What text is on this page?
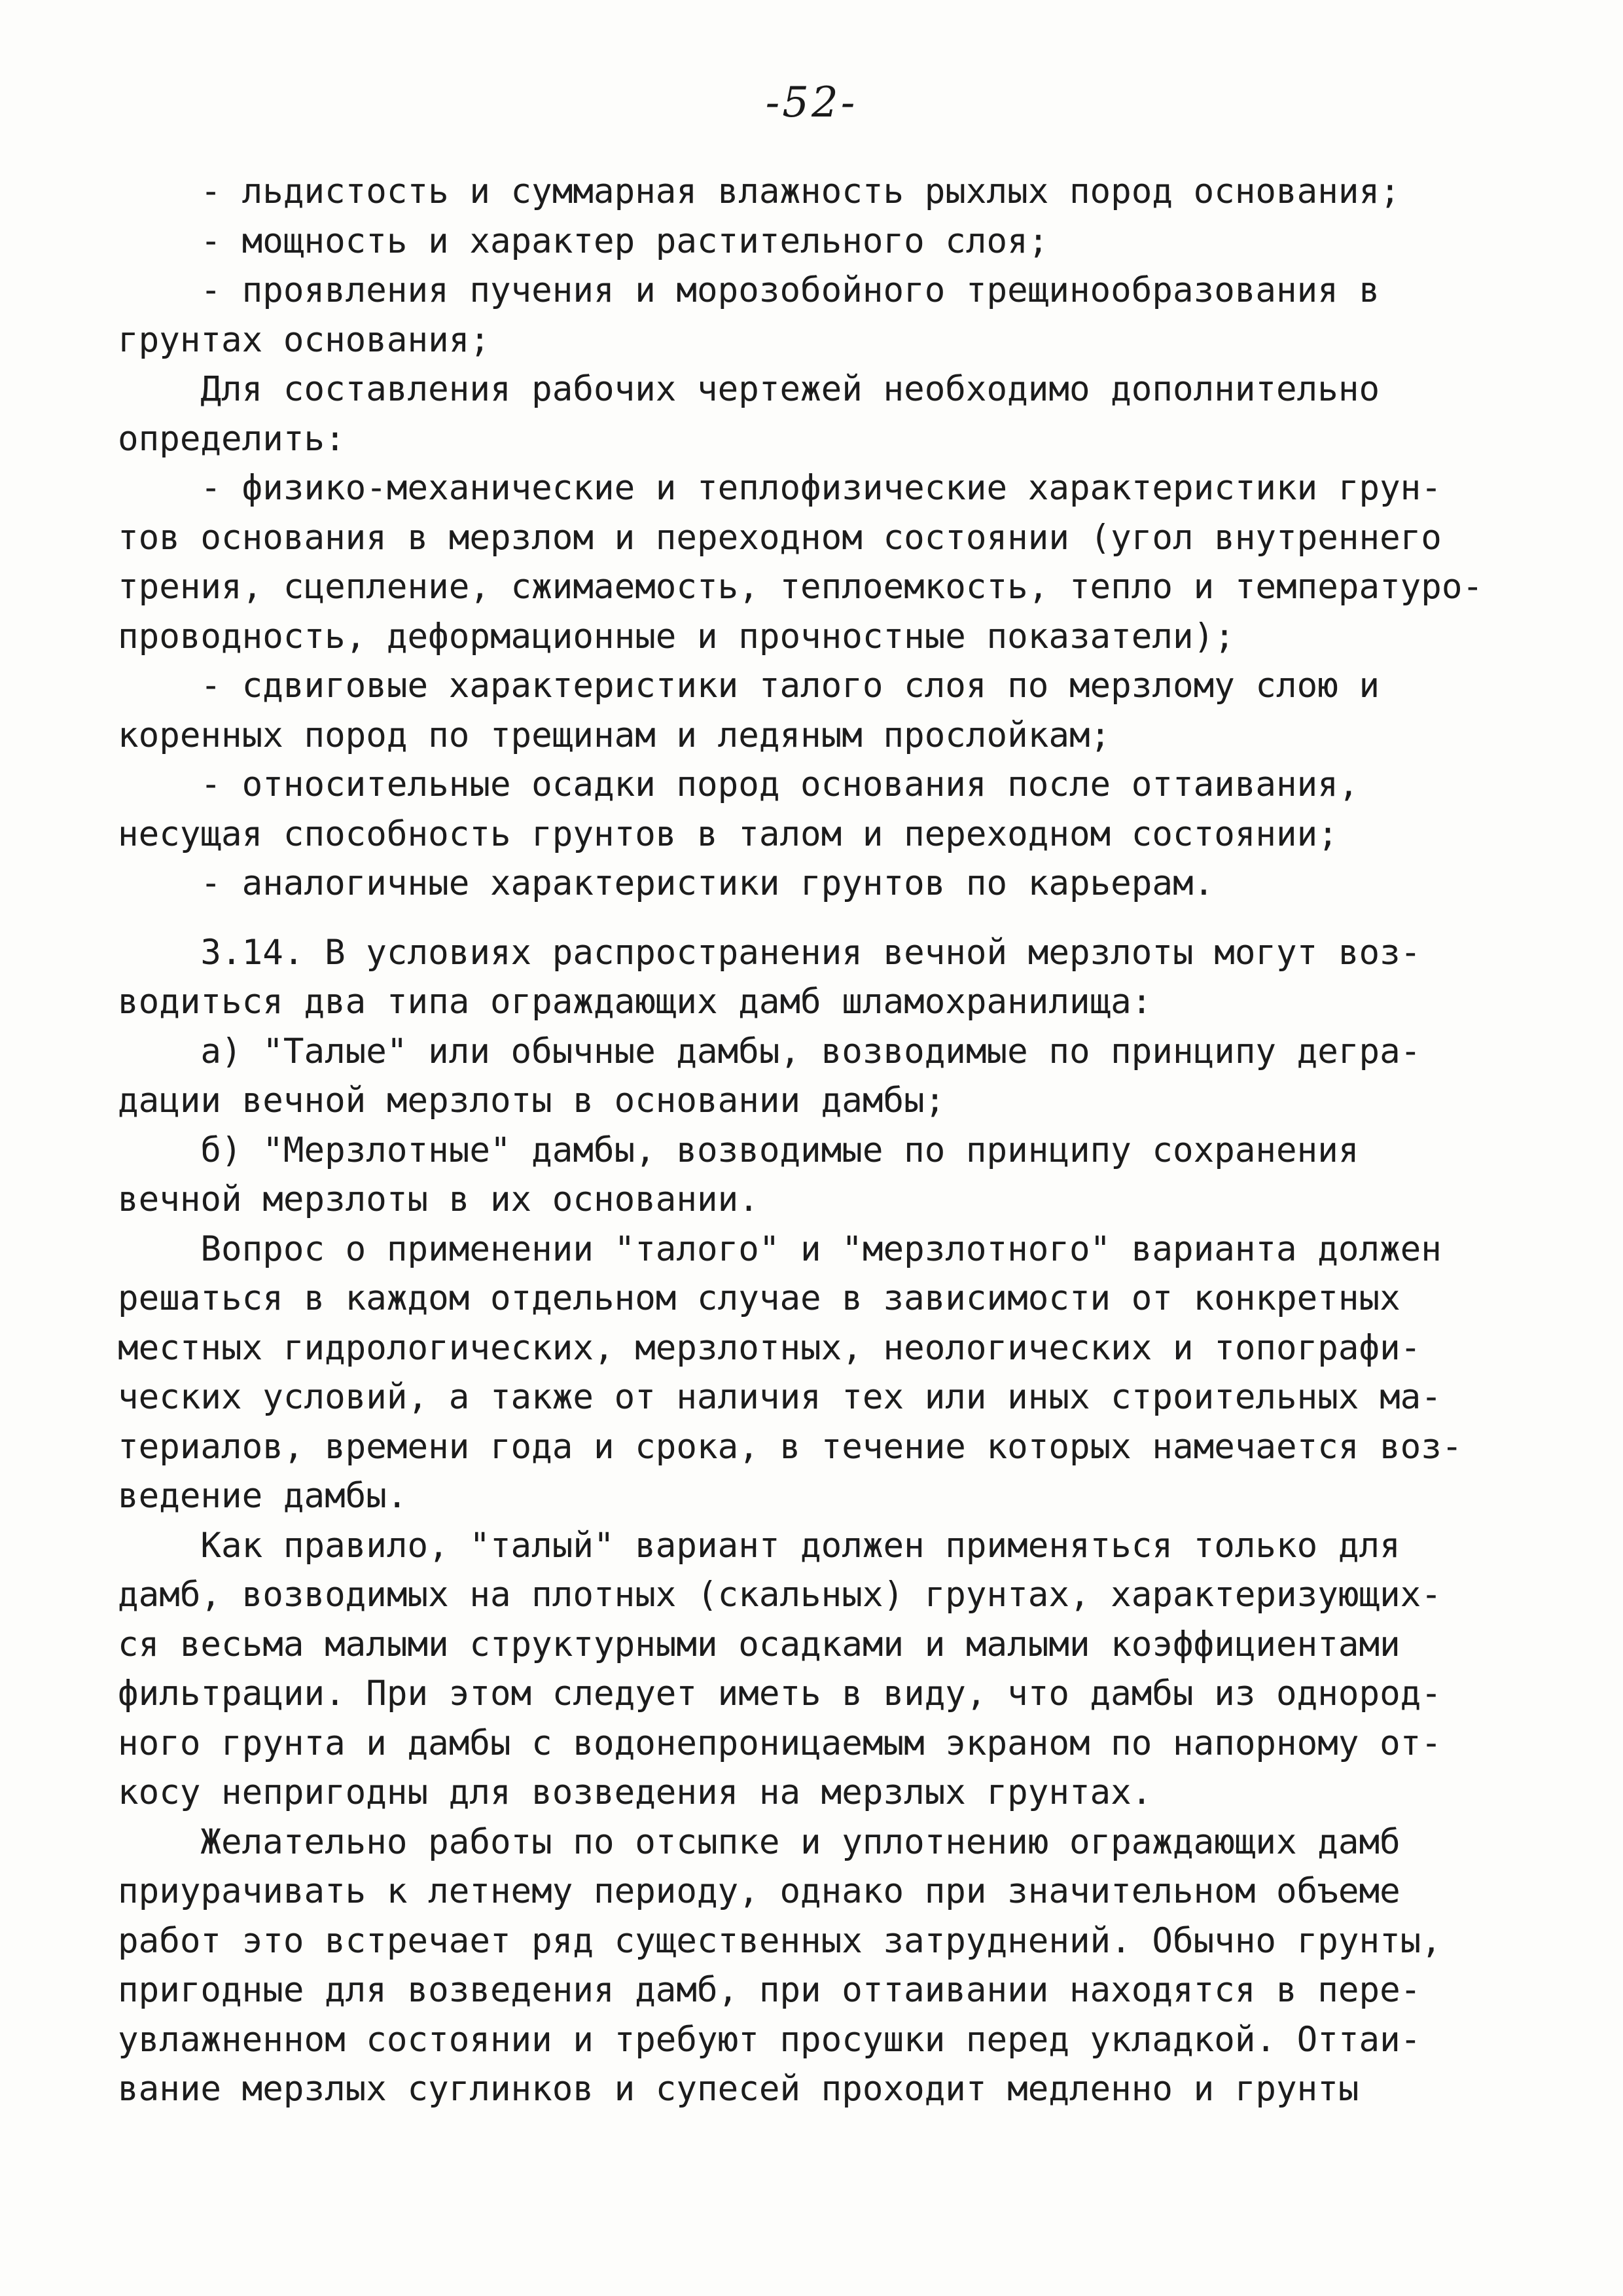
-52-
- льдистость и суммарная влажность рыхлых пород основания;
- мощность и характер растительного слоя;
- проявления пучения и морозобойного трещинообразования в
грунтах основания;
Для составления рабочих чертежей необходимо дополнительно
определить:
- физико-механические и теплофизические характеристики грун-
тов основания в мерзлом и переходном состоянии (угол внутреннего
трения, сцепление, сжимаемость, теплоемкость, тепло и температуро-
проводность, деформационные и прочностные показатели);
- сдвиговые характеристики талого слоя по мерзлому слою и
коренных пород по трещинам и ледяным прослойкам;
- относительные осадки пород основания после оттаивания,
несущая способность грунтов в талом и переходном состоянии;
- аналогичные характеристики грунтов по карьерам.
3.14. В условиях распространения вечной мерзлоты могут воз-
водиться два типа ограждающих дамб шламохранилища:
а) "Талые" или обычные дамбы, возводимые по принципу дегра-
дации вечной мерзлоты в основании дамбы;
б) "Мерзлотные" дамбы, возводимые по принципу сохранения
вечной мерзлоты в их основании.
Вопрос о применении "талого" и "мерзлотного" варианта должен
решаться в каждом отдельном случае в зависимости от конкретных
местных гидрологических, мерзлотных, неологических и топографи-
ческих условий, а также от наличия тех или иных строительных ма-
териалов, времени года и срока, в течение которых намечается воз-
ведение дамбы.
Как правило, "талый" вариант должен применяться только для
дамб, возводимых на плотных (скальных) грунтах, характеризующих-
ся весьма малыми структурными осадками и малыми коэффициентами
фильтрации. При этом следует иметь в виду, что дамбы из однород-
ного грунта и дамбы с водонепроницаемым экраном по напорному от-
косу непригодны для возведения на мерзлых грунтах.
Желательно работы по отсыпке и уплотнению ограждающих дамб
приурачивать к летнему периоду, однако при значительном объеме
работ это встречает ряд существенных затруднений. Обычно грунты,
пригодные для возведения дамб, при оттаивании находятся в пере-
увлажненном состоянии и требуют просушки перед укладкой. Оттаи-
вание мерзлых суглинков и супесей проходит медленно и грунты
